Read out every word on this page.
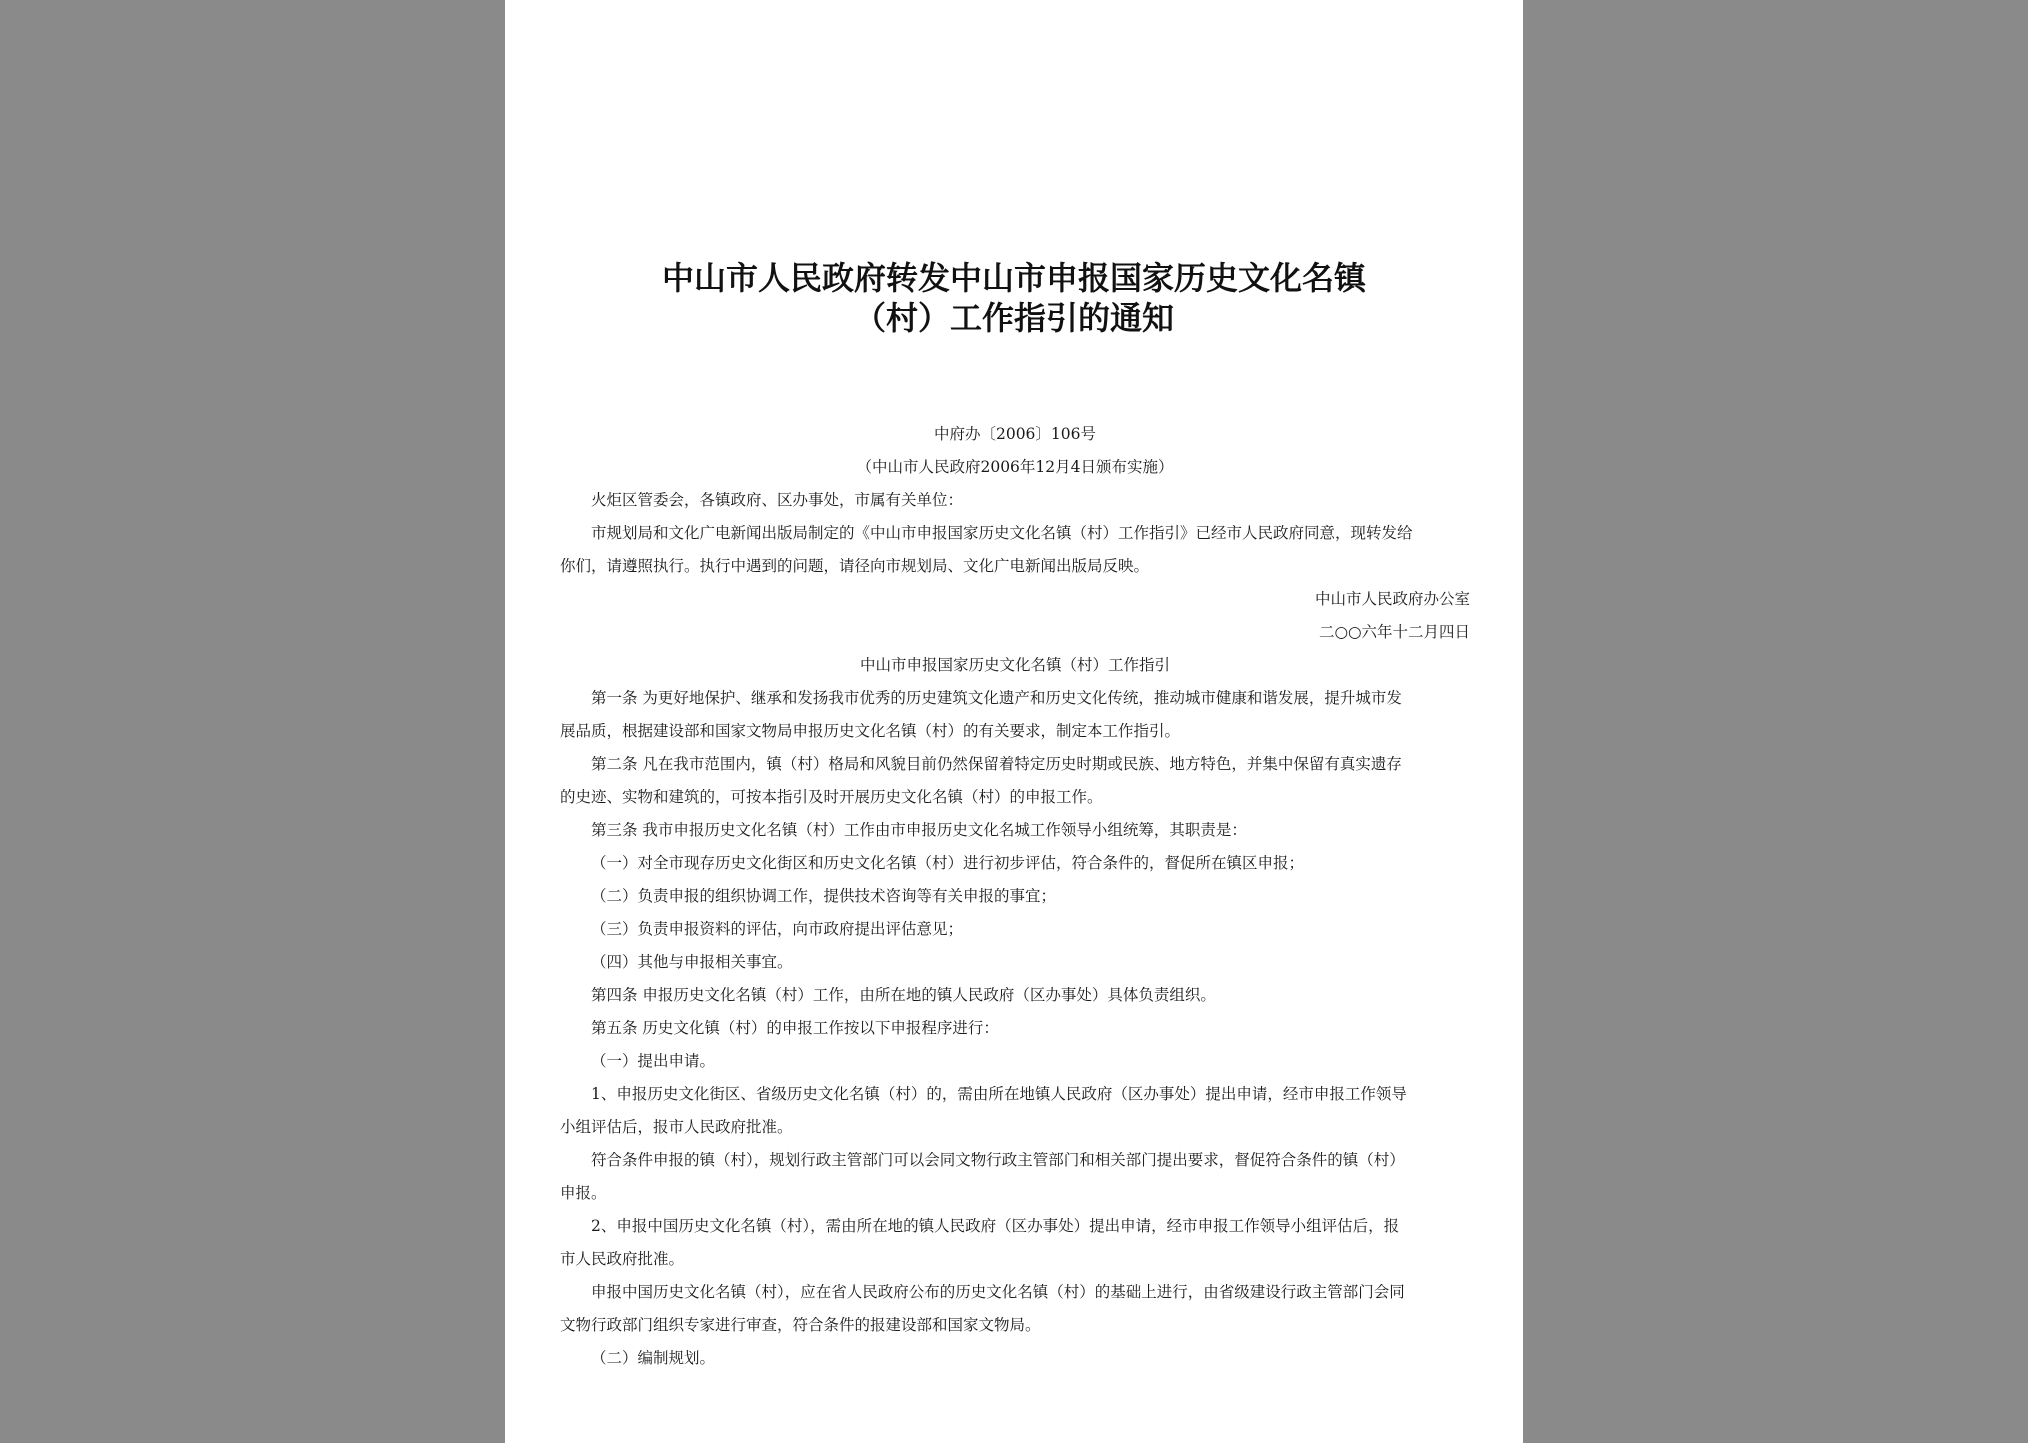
中山市人民政府转发中山市申报国家历史文化名镇
（村）工作指引的通知
中府办〔2006〕106号
（中山市人民政府2006年12月4日颁布实施）
火炬区管委会，各镇政府、区办事处，市属有关单位：
市规划局和文化广电新闻出版局制定的《中山市申报国家历史文化名镇（村）工作指引》已经市人民政府同意，现转发给
你们，请遵照执行。执行中遇到的问题，请径向市规划局、文化广电新闻出版局反映。
中山市人民政府办公室
二○○六年十二月四日
中山市申报国家历史文化名镇（村）工作指引
第一条 为更好地保护、继承和发扬我市优秀的历史建筑文化遗产和历史文化传统，推动城市健康和谐发展，提升城市发
展品质，根据建设部和国家文物局申报历史文化名镇（村）的有关要求，制定本工作指引。
第二条 凡在我市范围内，镇（村）格局和风貌目前仍然保留着特定历史时期或民族、地方特色，并集中保留有真实遗存
的史迹、实物和建筑的，可按本指引及时开展历史文化名镇（村）的申报工作。
第三条 我市申报历史文化名镇（村）工作由市申报历史文化名城工作领导小组统筹，其职责是：
（一）对全市现存历史文化街区和历史文化名镇（村）进行初步评估，符合条件的，督促所在镇区申报；
（二）负责申报的组织协调工作，提供技术咨询等有关申报的事宜；
（三）负责申报资料的评估，向市政府提出评估意见；
（四）其他与申报相关事宜。
第四条 申报历史文化名镇（村）工作，由所在地的镇人民政府（区办事处）具体负责组织。
第五条 历史文化镇（村）的申报工作按以下申报程序进行：
（一）提出申请。
1、申报历史文化街区、省级历史文化名镇（村）的，需由所在地镇人民政府（区办事处）提出申请，经市申报工作领导
小组评估后，报市人民政府批准。
符合条件申报的镇（村），规划行政主管部门可以会同文物行政主管部门和相关部门提出要求，督促符合条件的镇（村）
申报。
2、申报中国历史文化名镇（村），需由所在地的镇人民政府（区办事处）提出申请，经市申报工作领导小组评估后，报
市人民政府批准。
申报中国历史文化名镇（村），应在省人民政府公布的历史文化名镇（村）的基础上进行，由省级建设行政主管部门会同
文物行政部门组织专家进行审查，符合条件的报建设部和国家文物局。
（二）编制规划。
